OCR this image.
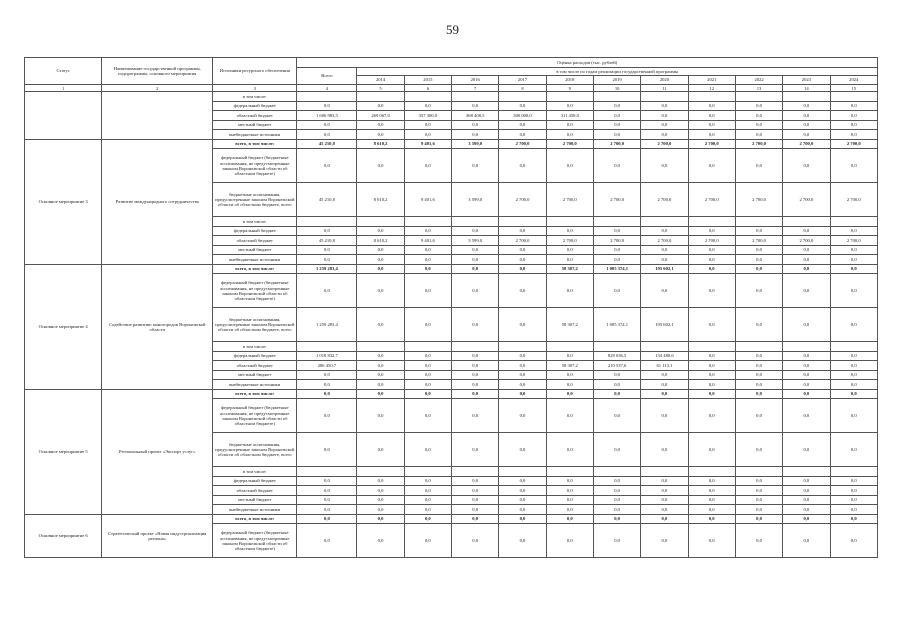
59
Статус	Наименование государственной программы, подпрограммы, основного мероприятия	Источники ресурсного обеспечения	Оценка расходов (тыс. рублей)											
			Всего	в том числе по годам реализации государственной программы										
				2014	2015	2016	2017	2018	2019	2020	2021	2022	2023	2024
1	2	3	4	5	6	7	8	9	10	11	12	13	14	15
		в том числе:												
		федеральный бюджет	0,0	0,0	0,0	0,0	0,0	0,0	0,0	0,0	0,0	0,0	0,0	0,0
		областной бюджет	1 606 983,5	269 067,0	357 300,0	368 408,5	300 000,0	311 458,0	0,0	0,0	0,0	0,0	0,0	0,0
		местный бюджет	0,0	0,0	0,0	0,0	0,0	0,0	0,0	0,0	0,0	0,0	0,0	0,0
		внебюджетные источники	0,0	0,0	0,0	0,0	0,0	0,0	0,0	0,0	0,0	0,0	0,0	0,0
Основное мероприятие 3	Развитие международного сотрудничества	всего, в том числе:	45 210,8	8 610,2	9 401,6	3 599,0	2 700,0	2 700,0	2 700,0	2 700,0	2 700,0	2 700,0	2 700,0	2 700,0
		федеральный бюджет (бюджетные ассигнования, не предусмотренные законом Воронежской области об областном бюджете)	0,0	0,0	0,0	0,0	0,0	0,0	0,0	0,0	0,0	0,0	0,0	0,0
		бюджетные ассигнования, предусмотренные законом Воронежской области об областном бюджете, всего	45 210,8	8 610,2	9 401,6	3 599,0	2 700,0	2 700,0	2 700,0	2 700,0	2 700,0	2 700,0	2 700,0	2 700,0
		в том числе:												
		федеральный бюджет	0,0	0,0	0,0	0,0	0,0	0,0	0,0	0,0	0,0	0,0	0,0	0,0
		областной бюджет	45 210,8	8 610,2	9 401,6	3 599,0	2 700,0	2 700,0	2 700,0	2 700,0	2 700,0	2 700,0	2 700,0	2 700,0
		местный бюджет	0,0	0,0	0,0	0,0	0,0	0,0	0,0	0,0	0,0	0,0	0,0	0,0
		внебюджетные источники	0,0	0,0	0,0	0,0	0,0	0,0	0,0	0,0	0,0	0,0	0,0	0,0
Основное мероприятие 4	Содействие развитию моногородов Воронежской области	всего, в том числе:	1 259 283,4	0,0	0,0	0,0	0,0	58 307,2	1 005 374,1	195 602,1	0,0	0,0	0,0	0,0
		федеральный бюджет (бюджетные ассигнования, не предусмотренные законом Воронежской области об областном бюджете)	0,0	0,0	0,0	0,0	0,0	0,0	0,0	0,0	0,0	0,0	0,0	0,0
		бюджетные ассигнования, предусмотренные законом Воронежской области об областном бюджете, всего	1 259 283,4	0,0	0,0	0,0	0,0	58 307,2	1 005 374,1	195 602,1	0,0	0,0	0,0	0,0
		в том числе:												
		федеральный бюджет	1 018 832,7	0,0	0,0	0,0	0,0	0,0	828 036,5	134 480,6	0,0	0,0	0,0	0,0
		областной бюджет	286 450,7	0,0	0,0	0,0	0,0	58 307,2	210 537,6	61 113,1	0,0	0,0	0,0	0,0
		местный бюджет	0,0	0,0	0,0	0,0	0,0	0,0	0,0	0,0	0,0	0,0	0,0	0,0
		внебюджетные источники	0,0	0,0	0,0	0,0	0,0	0,0	0,0	0,0	0,0	0,0	0,0	0,0
Основное мероприятие 5	Региональный проект «Экспорт услуг»	всего, в том числе:	0,0	0,0	0,0	0,0	0,0	0,0	0,0	0,0	0,0	0,0	0,0	0,0
		федеральный бюджет (бюджетные ассигнования, не предусмотренные законом Воронежской области об областном бюджете)	0,0	0,0	0,0	0,0	0,0	0,0	0,0	0,0	0,0	0,0	0,0	0,0
		бюджетные ассигнования, предусмотренные законом Воронежской области об областном бюджете, всего	0,0	0,0	0,0	0,0	0,0	0,0	0,0	0,0	0,0	0,0	0,0	0,0
		в том числе:												
		федеральный бюджет	0,0	0,0	0,0	0,0	0,0	0,0	0,0	0,0	0,0	0,0	0,0	0,0
		областной бюджет	0,0	0,0	0,0	0,0	0,0	0,0	0,0	0,0	0,0	0,0	0,0	0,0
		местный бюджет	0,0	0,0	0,0	0,0	0,0	0,0	0,0	0,0	0,0	0,0	0,0	0,0
		внебюджетные источники	0,0	0,0	0,0	0,0	0,0	0,0	0,0	0,0	0,0	0,0	0,0	0,0
Основное мероприятие 6	Стратегический проект «Новая индустриализация региона»	всего, в том числе:	0,0	0,0	0,0	0,0	0,0	0,0	0,0	0,0	0,0	0,0	0,0	0,0
		федеральный бюджет (бюджетные ассигнования, не предусмотренные законом Воронежской области об областном бюджете)	0,0	0,0	0,0	0,0	0,0	0,0	0,0	0,0	0,0	0,0	0,0	0,0
